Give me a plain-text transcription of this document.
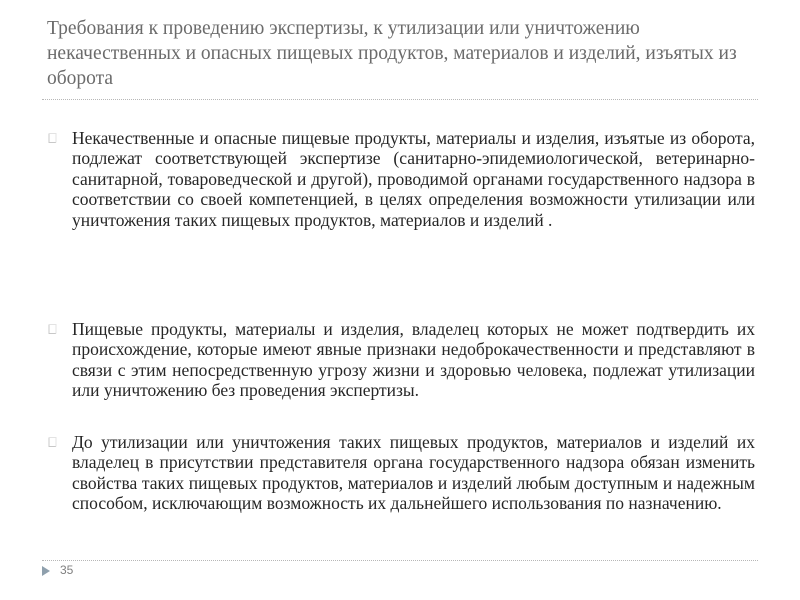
Требования к проведению экспертизы, к утилизации или уничтожению некачественных и опасных пищевых продуктов, материалов и изделий, изъятых из оборота
Некачественные и опасные пищевые продукты, материалы и изделия, изъятые из оборота, подлежат соответствующей экспертизе (санитарно-эпидемиологической, ветеринарно-санитарной, товароведческой и другой), проводимой органами государственного надзора в соответствии со своей компетенцией, в целях определения возможности утилизации или уничтожения таких пищевых продуктов, материалов и изделий .
Пищевые продукты, материалы и изделия, владелец которых не может подтвердить их происхождение, которые имеют явные признаки недоброкачественности и представляют в связи с этим непосредственную угрозу жизни и здоровью человека, подлежат утилизации или уничтожению без проведения экспертизы.
До утилизации или уничтожения таких пищевых продуктов, материалов и изделий их владелец в присутствии представителя органа государственного надзора обязан изменить свойства таких пищевых продуктов, материалов и изделий любым доступным и надежным способом, исключающим возможность их дальнейшего использования по назначению.
35
